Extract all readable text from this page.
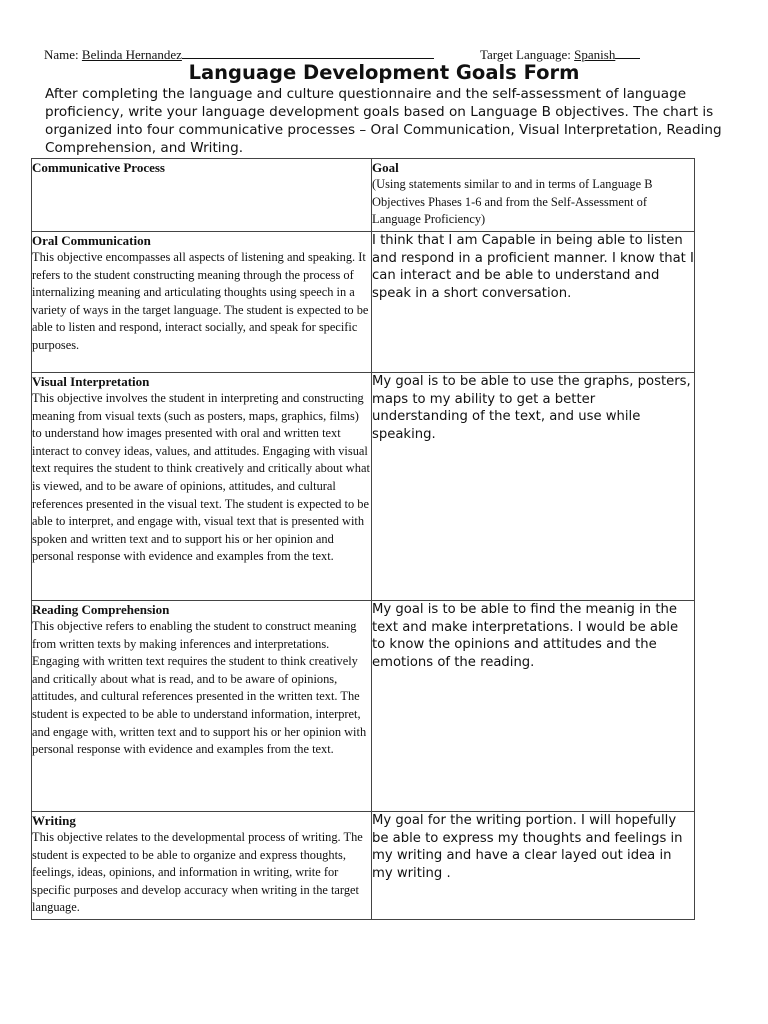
Name: Belinda Hernandez	Target Language: Spanish
Language Development Goals Form
After completing the language and culture questionnaire and the self-assessment of language proficiency, write your language development goals based on Language B objectives. The chart is organized into four communicative processes – Oral Communication, Visual Interpretation, Reading Comprehension, and Writing.
Communicative Process	Goal
(Using statements similar to and in terms of Language B Objectives Phases 1-6 and from the Self-Assessment of Language Proficiency)

Oral Communication
This objective encompasses all aspects of listening and speaking. It refers to the student constructing meaning through the process of internalizing meaning and articulating thoughts using speech in a variety of ways in the target language. The student is expected to be able to listen and respond, interact socially, and speak for specific purposes.	I think that I am Capable in being able to listen and respond in a proficient manner. I know that I can interact and be able to understand and speak in a short conversation.

Visual Interpretation
This objective involves the student in interpreting and constructing meaning from visual texts (such as posters, maps, graphics, films) to understand how images presented with oral and written text interact to convey ideas, values, and attitudes. Engaging with visual text requires the student to think creatively and critically about what is viewed, and to be aware of opinions, attitudes, and cultural references presented in the visual text. The student is expected to be able to interpret, and engage with, visual text that is presented with spoken and written text and to support his or her opinion and personal response with evidence and examples from the text.	My goal is to be able to use the graphs, posters, maps to my ability to get a better understanding of the text, and use while speaking.

Reading Comprehension
This objective refers to enabling the student to construct meaning from written texts by making inferences and interpretations. Engaging with written text requires the student to think creatively and critically about what is read, and to be aware of opinions, attitudes, and cultural references presented in the written text. The student is expected to be able to understand information, interpret, and engage with, written text and to support his or her opinion with personal response with evidence and examples from the text.	My goal is to be able to find the meanig in the text and make interpretations. I would be able to know the opinions and attitudes and the emotions of the reading.

Writing
This objective relates to the developmental process of writing. The student is expected to be able to organize and express thoughts, feelings, ideas, opinions, and information in writing, write for specific purposes and develop accuracy when writing in the target language.	My goal for the writing portion. I will hopefully be able to express my thoughts and feelings in my writing and have a clear layed out idea in my writing .
